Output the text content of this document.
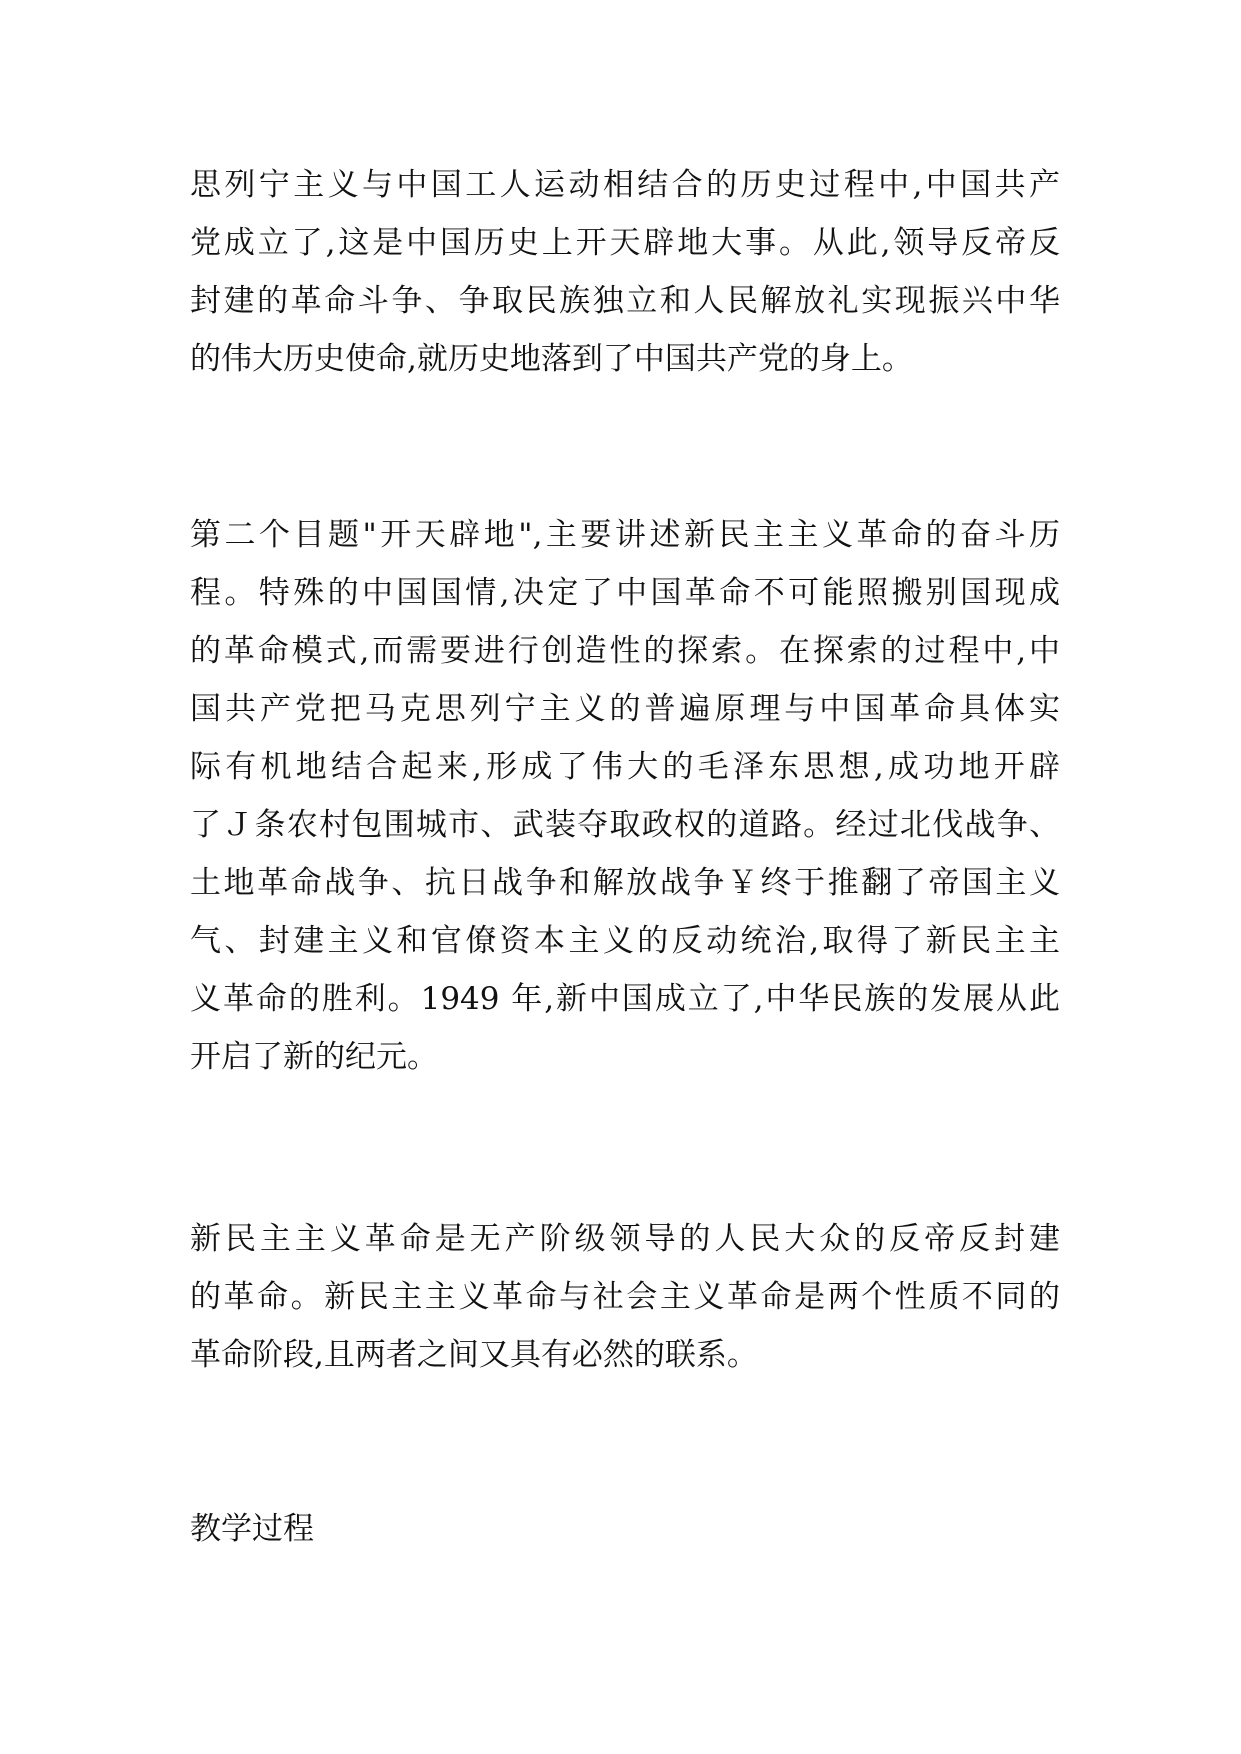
思列宁主义与中国工人运动相结合的历史过程中,中国共产
党成立了,这是中国历史上开天辟地大事。从此,领导反帝反
封建的革命斗争、争取民族独立和人民解放礼实现振兴中华
的伟大历史使命,就历史地落到了中国共产党的身上。
第二个目题"开天辟地",主要讲述新民主主义革命的奋斗历
程。特殊的中国国情,决定了中国革命不可能照搬别国现成
的革命模式,而需要进行创造性的探索。在探索的过程中,中
国共产党把马克思列宁主义的普遍原理与中国革命具体实
际有机地结合起来,形成了伟大的毛泽东思想,成功地开辟
了Ｊ条农村包围城市、武装夺取政权的道路。经过北伐战争、
土地革命战争、抗日战争和解放战争￥终于推翻了帝国主义
气、封建主义和官僚资本主义的反动统治,取得了新民主主
义革命的胜利。1949 年,新中国成立了,中华民族的发展从此
开启了新的纪元。
新民主主义革命是无产阶级领导的人民大众的反帝反封建
的革命。新民主主义革命与社会主义革命是两个性质不同的
革命阶段,且两者之间又具有必然的联系。
教学过程
